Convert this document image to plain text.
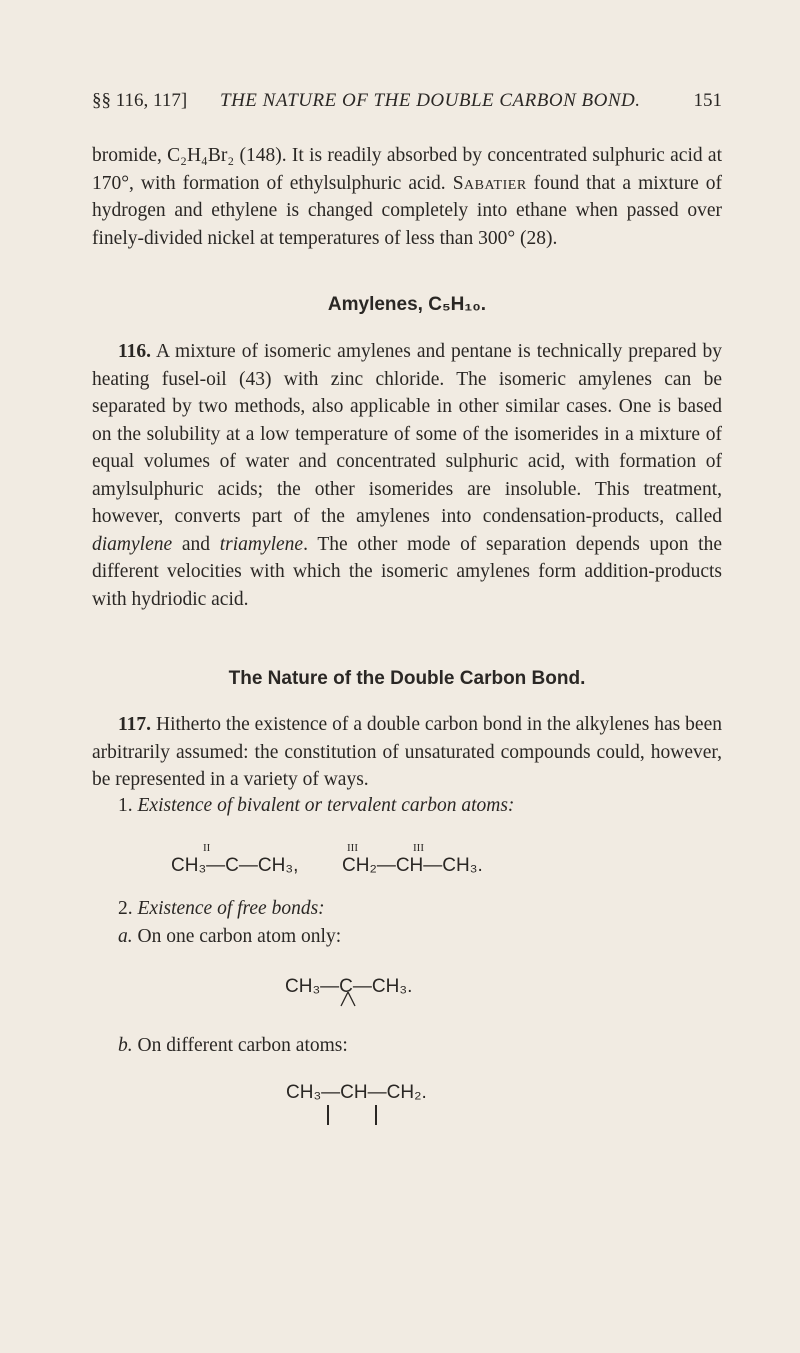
§§ 116, 117] THE NATURE OF THE DOUBLE CARBON BOND.	151

bromide, C₂H₄Br₂ (148). It is readily absorbed by concentrated sulphuric acid at 170°, with formation of ethylsulphuric acid. Sabatier found that a mixture of hydrogen and ethylene is changed completely into ethane when passed over finely-divided nickel at temperatures of less than 300° (28).

Amylenes, C₅H₁₀.

116. A mixture of isomeric amylenes and pentane is technically prepared by heating fusel-oil (43) with zinc chloride. The isomeric amylenes can be separated by two methods, also applicable in other similar cases. One is based on the solubility at a low temperature of some of the isomerides in a mixture of equal volumes of water and concentrated sulphuric acid, with formation of amylsulphuric acids; the other isomerides are insoluble. This treatment, however, converts part of the amylenes into condensation-products, called diamylene and triamylene. The other mode of separation depends upon the different velocities with which the isomeric amylenes form addition-products with hydriodic acid.

The Nature of the Double Carbon Bond.

117. Hitherto the existence of a double carbon bond in the alkylenes has been arbitrarily assumed: the constitution of unsaturated compounds could, however, be represented in a variety of ways.

1. Existence of bivalent or tervalent carbon atoms:
II
CH₃—C—CH₃,
III	III
CH₂—CH—CH₃.
2. Existence of free bonds:
a. On one carbon atom only:
CH₃—C—CH₃.
b. On different carbon atoms:
CH₃—CH—CH₂.
